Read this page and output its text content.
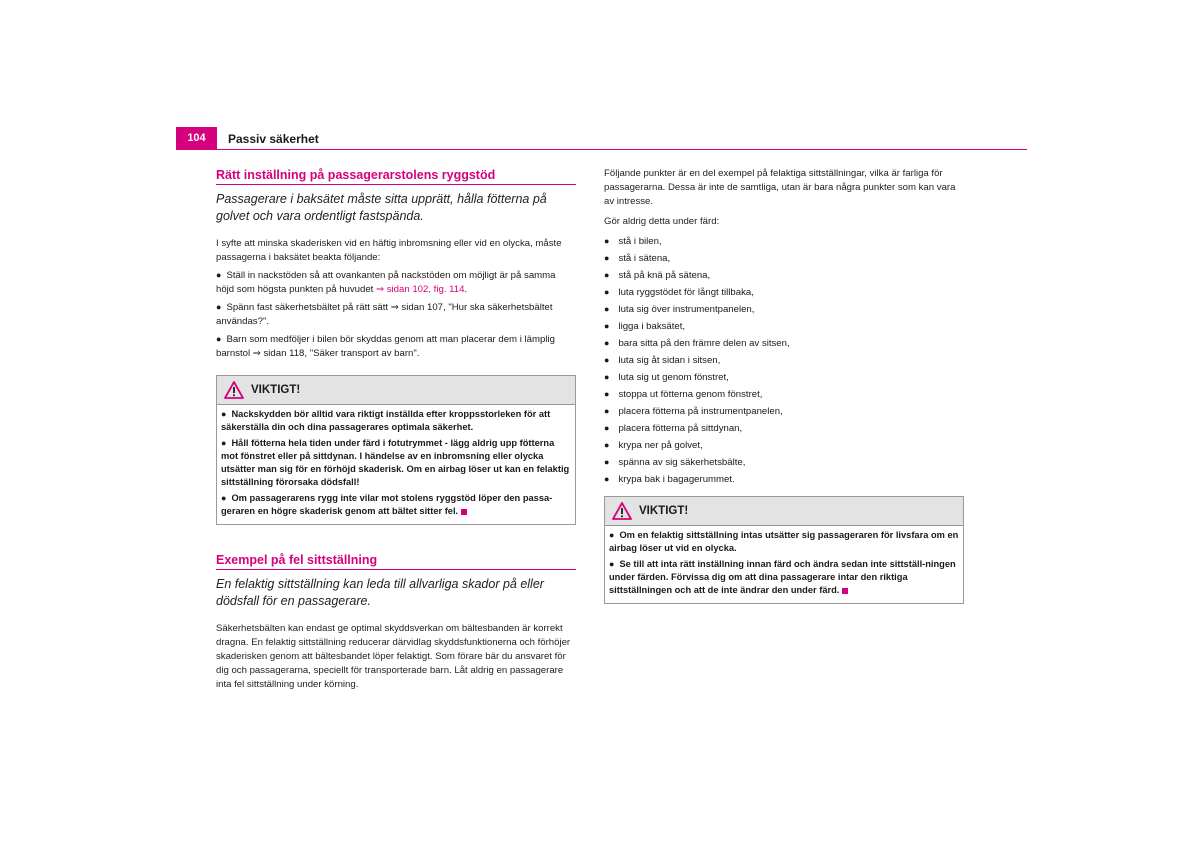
104	Passiv säkerhet
Rätt inställning på passagerarstolens ryggstöd

Passagerare i baksätet måste sitta upprätt, hålla fötterna på golvet och vara ordentligt fastspända.

I syfte att minska skaderisken vid en häftig inbromsning eller vid en olycka, måste passagerna i baksätet beakta följande:

● Ställ in nackstöden så att ovankanten på nackstöden om möjligt är på samma höjd som högsta punkten på huvudet ⇒ sidan 102, fig. 114.

● Spänn fast säkerhetsbältet på rätt sätt ⇒ sidan 107, "Hur ska säkerhetsbältet användas?".

● Barn som medföljer i bilen bör skyddas genom att man placerar dem i lämplig barnstol ⇒ sidan 118, "Säker transport av barn".

VIKTIGT!

● Nackskydden bör alltid vara riktigt inställda efter kroppsstorleken för att säkerställa din och dina passagerares optimala säkerhet.

● Håll fötterna hela tiden under färd i fotutrymmet - lägg aldrig upp fötterna mot fönstret eller på sittdynan. I händelse av en inbromsning eller olycka utsätter man sig för en förhöjd skaderisk. Om en airbag löser ut kan en felaktig sittställning förorsaka dödsfall!

● Om passagerarens rygg inte vilar mot stolens ryggstöd löper den passa-geraren en högre skaderisk genom att bältet sitter fel.

Exempel på fel sittställning

En felaktig sittställning kan leda till allvarliga skador på eller dödsfall för en passagerare.

Säkerhetsbälten kan endast ge optimal skyddsverkan om bältesbanden är korrekt dragna. En felaktig sittställning reducerar därvidlag skyddsfunktionerna och förhöjer skaderisken genom att bältesbandet löper felaktigt. Som förare bär du ansvaret för dig och passagerarna, speciellt för transporterade barn. Låt aldrig en passagerare inta fel sittställning under körning.

Följande punkter är en del exempel på felaktiga sittställningar, vilka är farliga för passagerarna. Dessa är inte de samtliga, utan är bara några punkter som kan vara av intresse.

Gör aldrig detta under färd:

● stå i bilen,

● stå i sätena,

● stå på knä på sätena,

● luta ryggstödet för långt tillbaka,

● luta sig över instrumentpanelen,

● ligga i baksätet,

● bara sitta på den främre delen av sitsen,

● luta sig åt sidan i sitsen,

● luta sig ut genom fönstret,

● stoppa ut fötterna genom fönstret,

● placera fötterna på instrumentpanelen,

● placera fötterna på sittdynan,

● krypa ner på golvet,

● spänna av sig säkerhetsbälte,

● krypa bak i bagagerummet.

VIKTIGT!

● Om en felaktig sittställning intas utsätter sig passageraren för livsfara om en airbag löser ut vid en olycka.

● Se till att inta rätt inställning innan färd och ändra sedan inte sittställ-ningen under färden. Förvissa dig om att dina passagerare intar den riktiga sittställningen och att de inte ändrar den under färd.
